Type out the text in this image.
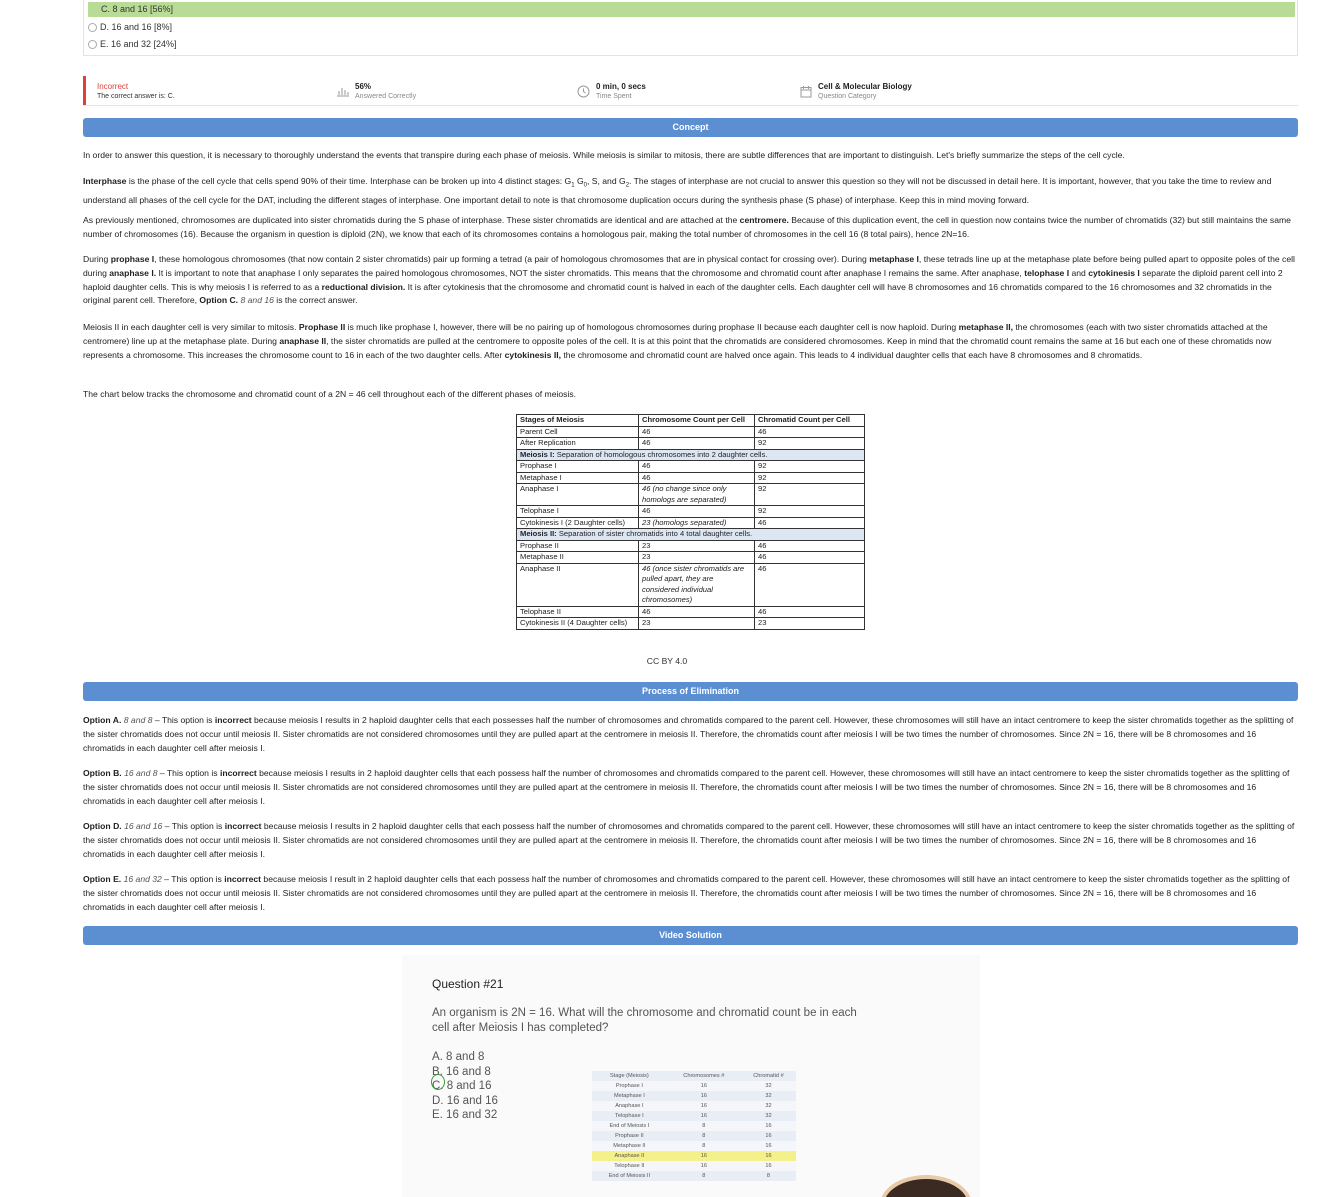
C. 8 and 16 [56%]
D. 16 and 16 [8%]
E. 16 and 32 [24%]
Incorrect
The correct answer is: C.
56%
Answered Correctly
0 min, 0 secs
Time Spent
Cell & Molecular Biology
Question Category
Concept
In order to answer this question, it is necessary to thoroughly understand the events that transpire during each phase of meiosis. While meiosis is similar to mitosis, there are subtle differences that are important to distinguish. Let's briefly summarize the steps of the cell cycle.
Interphase is the phase of the cell cycle that cells spend 90% of their time. Interphase can be broken up into 4 distinct stages: $G_1$ $G_0$, S, and $G_2$. The stages of interphase are not crucial to answer this question so they will not be discussed in detail here. It is important, however, that you take the time to review and understand all phases of the cell cycle for the DAT, including the different stages of interphase. One important detail to note is that chromosome duplication occurs during the synthesis phase (S phase) of interphase. Keep this in mind moving forward.
As previously mentioned, chromosomes are duplicated into sister chromatids during the S phase of interphase. These sister chromatids are identical and are attached at the centromere. Because of this duplication event, the cell in question now contains twice the number of chromatids (32) but still maintains the same number of chromosomes (16). Because the organism in question is diploid (2N), we know that each of its chromosomes contains a homologous pair, making the total number of chromosomes in the cell 16 (8 total pairs), hence 2N=16.
During prophase I, these homologous chromosomes (that now contain 2 sister chromatids) pair up forming a tetrad (a pair of homologous chromosomes that are in physical contact for crossing over). During metaphase I, these tetrads line up at the metaphase plate before being pulled apart to opposite poles of the cell during anaphase I. It is important to note that anaphase I only separates the paired homologous chromosomes, NOT the sister chromatids. This means that the chromosome and chromatid count after anaphase I remains the same. After anaphase, telophase I and cytokinesis I separate the diploid parent cell into 2 haploid daughter cells. This is why meiosis I is referred to as a reductional division. It is after cytokinesis that the chromosome and chromatid count is halved in each of the daughter cells. Each daughter cell will have 8 chromosomes and 16 chromatids compared to the 16 chromosomes and 32 chromatids in the original parent cell. Therefore, Option C. 8 and 16 is the correct answer.
Meiosis II in each daughter cell is very similar to mitosis. Prophase II is much like prophase I, however, there will be no pairing up of homologous chromosomes during prophase II because each daughter cell is now haploid. During metaphase II, the chromosomes (each with two sister chromatids attached at the centromere) line up at the metaphase plate. During anaphase II, the sister chromatids are pulled at the centromere to opposite poles of the cell. It is at this point that the chromatids are considered chromosomes. Keep in mind that the chromatid count remains the same at 16 but each one of these chromatids now represents a chromosome. This increases the chromosome count to 16 in each of the two daughter cells. After cytokinesis II, the chromosome and chromatid count are halved once again. This leads to 4 individual daughter cells that each have 8 chromosomes and 8 chromatids.
The chart below tracks the chromosome and chromatid count of a 2N = 46 cell throughout each of the different phases of meiosis.
Stages of Meiosis	Chromosome Count per Cell	Chromatid Count per Cell
Parent Cell	46	46
After Replication	46	92
Meiosis I: Separation of homologous chromosomes into 2 daughter cells.		
Prophase I	46	92
Metaphase I	46	92
Anaphase I	46 (no change since only homologs are separated)	92
Telophase I	46	92
Cytokinesis I (2 Daughter cells)	23 (homologs separated)	46
Meiosis II: Separation of sister chromatids into 4 total daughter cells.		
Prophase II	23	46
Metaphase II	23	46
Anaphase II	46 (once sister chromatids are pulled apart, they are considered individual chromosomes)	46
Telophase II	46	46
Cytokinesis II (4 Daughter cells)	23	23
CC BY 4.0
Process of Elimination
Option A. 8 and 8 – This option is incorrect because meiosis I results in 2 haploid daughter cells that each possesses half the number of chromosomes and chromatids compared to the parent cell. However, these chromosomes will still have an intact centromere to keep the sister chromatids together as the splitting of the sister chromatids does not occur until meiosis II. Sister chromatids are not considered chromosomes until they are pulled apart at the centromere in meiosis II. Therefore, the chromatids count after meiosis I will be two times the number of chromosomes. Since 2N = 16, there will be 8 chromosomes and 16 chromatids in each daughter cell after meiosis I.
Option B. 16 and 8 – This option is incorrect because meiosis I results in 2 haploid daughter cells that each possess half the number of chromosomes and chromatids compared to the parent cell. However, these chromosomes will still have an intact centromere to keep the sister chromatids together as the splitting of the sister chromatids does not occur until meiosis II. Sister chromatids are not considered chromosomes until they are pulled apart at the centromere in meiosis II. Therefore, the chromatids count after meiosis I will be two times the number of chromosomes. Since 2N = 16, there will be 8 chromosomes and 16 chromatids in each daughter cell after meiosis I.
Option D. 16 and 16 – This option is incorrect because meiosis I results in 2 haploid daughter cells that each possess half the number of chromosomes and chromatids compared to the parent cell. However, these chromosomes will still have an intact centromere to keep the sister chromatids together as the splitting of the sister chromatids does not occur until meiosis II. Sister chromatids are not considered chromosomes until they are pulled apart at the centromere in meiosis II. Therefore, the chromatids count after meiosis I will be two times the number of chromosomes. Since 2N = 16, there will be 8 chromosomes and 16 chromatids in each daughter cell after meiosis I.
Option E. 16 and 32 – This option is incorrect because meiosis I result in 2 haploid daughter cells that each possess half the number of chromosomes and chromatids compared to the parent cell. However, these chromosomes will still have an intact centromere to keep the sister chromatids together as the splitting of the sister chromatids does not occur until meiosis II. Sister chromatids are not considered chromosomes until they are pulled apart at the centromere in meiosis II. Therefore, the chromatids count after meiosis I will be two times the number of chromosomes. Since 2N = 16, there will be 8 chromosomes and 16 chromatids in each daughter cell after meiosis I.
Video Solution
Question #21
An organism is 2N = 16. What will the chromosome and chromatid count be in each cell after Meiosis I has completed?
A. 8 and 8
B. 16 and 8
C. 8 and 16
D. 16 and 16
E. 16 and 32
Stage (Meiosis)	Chromosomes #	Chromatid #
Prophase I	16	32
Metaphase I	16	32
Anaphase I	16	32
Telophase I	16	32
End of Meiosis I	8	16
Prophase II	8	16
Metaphase II	8	16
Anaphase II	16	16
Telophase II	16	16
End of Meiosis II	8	8
